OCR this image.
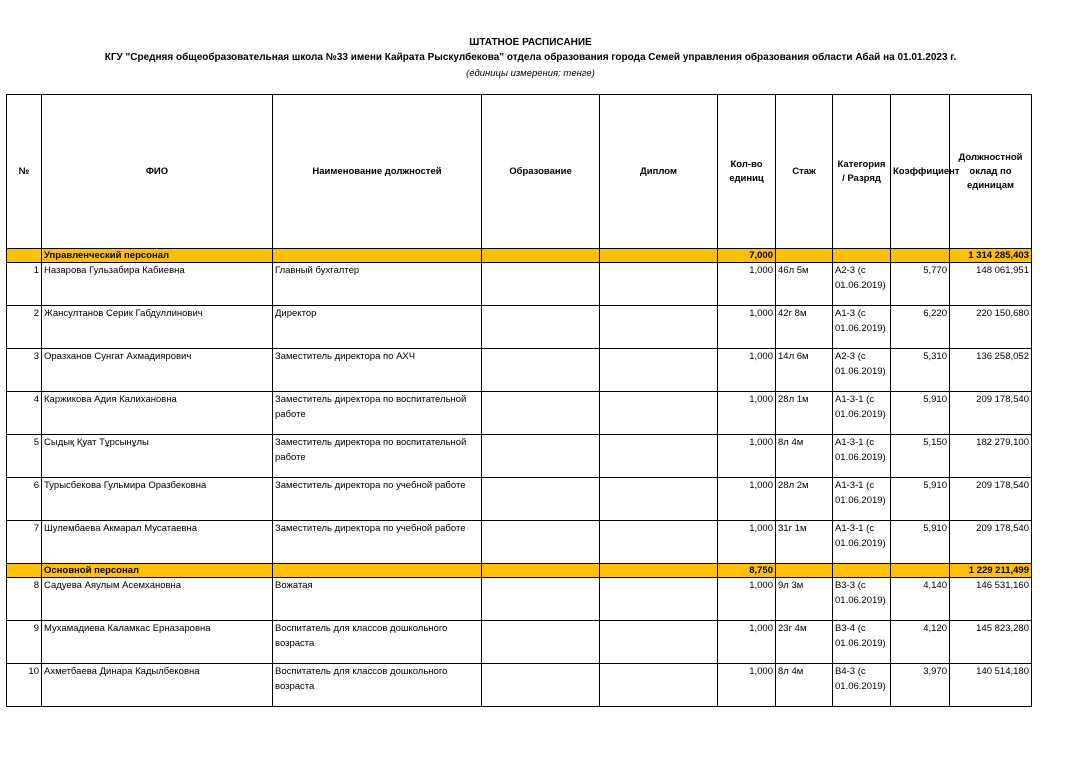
ШТАТНОЕ РАСПИСАНИЕ
КГУ "Средняя общеобразовательная школа №33 имени Кайрата Рыскулбекова" отдела образования города Семей управления образования области Абай на 01.01.2023 г.
(единицы измерения: тенге)
№	ФИО	Наименование должностей	Образование	Диплом	Кол-во единиц	Стаж	Категория / Разряд	Коэффициент	Должностной оклад по единицам
	Управленческий персонал				7,000				1 314 285,403
1	Назарова Гульзабира Кабиевна	Главный бухгалтер			1,000	46л 5м	А2-3 (с 01.06.2019)	5,770	148 061,951
2	Жансултанов Серик Габдуллинович	Директор			1,000	42г 8м	А1-3 (с 01.06.2019)	6,220	220 150,680
3	Оразханов Сунгат Ахмадиярович	Заместитель директора по АХЧ			1,000	14л 6м	А2-3 (с 01.06.2019)	5,310	136 258,052
4	Каржикова Адия Калихановна	Заместитель директора по воспитательной работе			1,000	28л 1м	А1-3-1 (с 01.06.2019)	5,910	209 178,540
5	Сыдық Қуат Тұрсынұлы	Заместитель директора по воспитательной работе			1,000	8л 4м	А1-3-1 (с 01.06.2019)	5,150	182 279,100
6	Турысбекова Гульмира Оразбековна	Заместитель директора по учебной работе			1,000	28л 2м	А1-3-1 (с 01.06.2019)	5,910	209 178,540
7	Шулембаева Акмарал Мусатаевна	Заместитель директора по учебной работе			1,000	31г 1м	А1-3-1 (с 01.06.2019)	5,910	209 178,540
	Основной персонал				8,750				1 229 211,499
8	Садуева Аяулым Асемхановна	Вожатая			1,000	9л 3м	В3-3 (с 01.06.2019)	4,140	146 531,160
9	Мухамадиева Каламкас Ерназаровна	Воспитатель для классов дошкольного возраста			1,000	23г 4м	В3-4 (с 01.06.2019)	4,120	145 823,280
10	Ахметбаева Динара Кадылбековна	Воспитатель для классов дошкольного возраста			1,000	8л 4м	В4-3 (с 01.06.2019)	3,970	140 514,180
